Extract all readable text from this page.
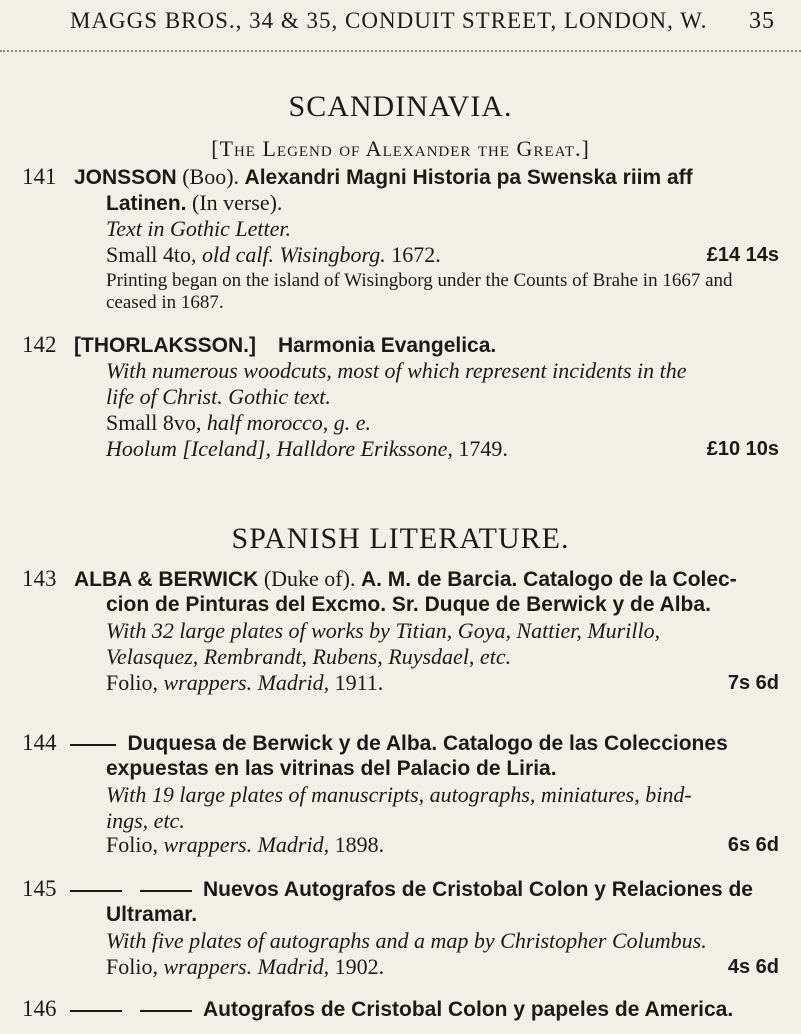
MAGGS BROS., 34 & 35, CONDUIT STREET, LONDON, W. 35
SCANDINAVIA.
[The Legend of Alexander the Great.]
141 JONSSON (Boo). Alexandri Magni Historia pa Swenska riim aff
Latinen. (In verse).
Text in Gothic Letter.
Small 4to, old calf. Wisingborg. 1672.	£14 14s
Printing began on the island of Wisingborg under the Counts of Brahe in 1667 and
ceased in 1687.
142 [THORLAKSSON.] Harmonia Evangelica.
With numerous woodcuts, most of which represent incidents in the
life of Christ. Gothic text.
Small 8vo, half morocco, g. e.
Hoolum [Iceland], Halldore Erikssone, 1749.	£10 10s
SPANISH LITERATURE.
143 ALBA & BERWICK (Duke of). A. M. de Barcia. Catalogo de la Colec-
cion de Pinturas del Excmo. Sr. Duque de Berwick y de Alba.
With 32 large plates of works by Titian, Goya, Nattier, Murillo,
Velasquez, Rembrandt, Rubens, Ruysdael, etc.
Folio, wrappers. Madrid, 1911.	7s 6d
144	Duquesa de Berwick y de Alba. Catalogo de las Colecciones
expuestas en las vitrinas del Palacio de Liria.
With 19 large plates of manuscripts, autographs, miniatures, bind-
ings, etc.
Folio, wrappers. Madrid, 1898.	6s 6d
145	Nuevos Autografos de Cristobal Colon y Relaciones de
Ultramar.
With five plates of autographs and a map by Christopher Columbus.
Folio, wrappers. Madrid, 1902.	4s 6d
146	Autografos de Cristobal Colon y papeles de America.
